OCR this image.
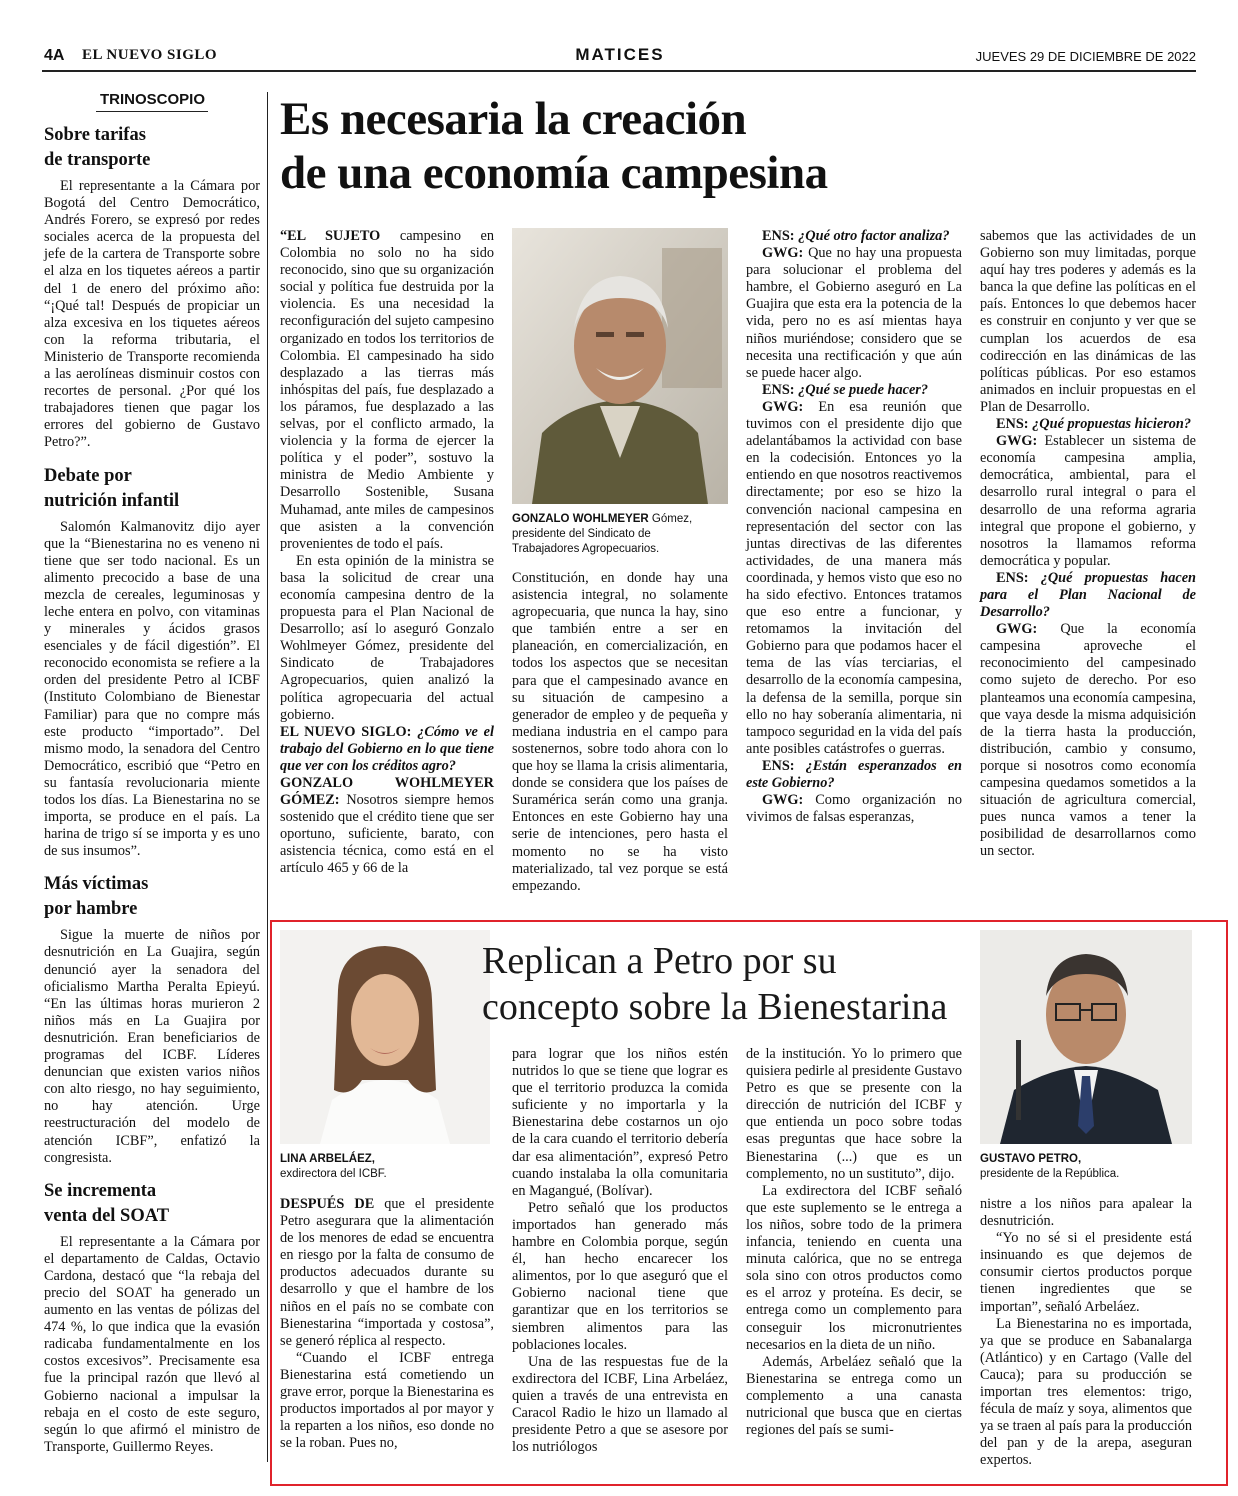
4A EL NUEVO SIGLO	MATICES	JUEVES 29 DE DICIEMBRE DE 2022
TRINOSCOPIO
Sobre tarifas
de transporte

El representante a la Cámara por Bogotá del Centro Democrático, Andrés Forero, se expresó por redes sociales acerca de la propuesta del jefe de la cartera de Transporte sobre el alza en los tiquetes aéreos a partir del 1 de enero del próximo año: “¡Qué tal! Después de propiciar un alza excesiva en los tiquetes aéreos con la reforma tributaria, el Ministerio de Transporte recomienda a las aerolíneas disminuir costos con recortes de personal. ¿Por qué los trabajadores tienen que pagar los errores del gobierno de Gustavo Petro?”.

Debate por
nutrición infantil

Salomón Kalmanovitz dijo ayer que la “Bienestarina no es veneno ni tiene que ser todo nacional. Es un alimento precocido a base de una mezcla de cereales, leguminosas y leche entera en polvo, con vitaminas y minerales y ácidos grasos esenciales y de fácil digestión”. El reconocido economista se refiere a la orden del presidente Petro al ICBF (Instituto Colombiano de Bienestar Familiar) para que no compre más este producto “importado”. Del mismo modo, la senadora del Centro Democrático, escribió que “Petro en su fantasía revolucionaria miente todos los días. La Bienestarina no se importa, se produce en el país. La harina de trigo sí se importa y es uno de sus insumos”.

Más víctimas
por hambre

Sigue la muerte de niños por desnutrición en La Guajira, según denunció ayer la senadora del oficialismo Martha Peralta Epieyú. “En las últimas horas murieron 2 niños más en La Guajira por desnutrición. Eran beneficiarios de programas del ICBF. Líderes denuncian que existen varios niños con alto riesgo, no hay seguimiento, no hay atención. Urge reestructuración del modelo de atención ICBF”, enfatizó la congresista.

Se incrementa
venta del SOAT

El representante a la Cámara por el departamento de Caldas, Octavio Cardona, destacó que “la rebaja del precio del SOAT ha generado un aumento en las ventas de pólizas del 474 %, lo que indica que la evasión radicaba fundamentalmente en los costos excesivos”. Precisamente esa fue la principal razón que llevó al Gobierno nacional a impulsar la rebaja en el costo de este seguro, según lo que afirmó el ministro de Transporte, Guillermo Reyes.

Es necesaria la creación
de una economía campesina

“EL SUJETO campesino en Colombia no solo no ha sido reconocido, sino que su organización social y política fue destruida por la violencia. Es una necesidad la reconfiguración del sujeto campesino organizado en todos los territorios de Colombia. El campesinado ha sido desplazado a las tierras más inhóspitas del país, fue desplazado a los páramos, fue desplazado a las selvas, por el conflicto armado, la violencia y la forma de ejercer la política y el poder”, sostuvo la ministra de Medio Ambiente y Desarrollo Sostenible, Susana Muhamad, ante miles de campesinos que asisten a la convención provenientes de todo el país.

En esta opinión de la ministra se basa la solicitud de crear una economía campesina dentro de la propuesta para el Plan Nacional de Desarrollo; así lo aseguró Gonzalo Wohlmeyer Gómez, presidente del Sindicato de Trabajadores Agropecuarios, quien analizó la política agropecuaria del actual gobierno.

EL NUEVO SIGLO: ¿Cómo ve el trabajo del Gobierno en lo que tiene que ver con los créditos agro?

GONZALO WOHLMEYER GÓMEZ: Nosotros siempre hemos sostenido que el crédito tiene que ser oportuno, suficiente, barato, con asistencia técnica, como está en el artículo 465 y 66 de la

GONZALO WOHLMEYER Gómez,
presidente del Sindicato de
Trabajadores Agropecuarios.

Constitución, en donde hay una asistencia integral, no solamente agropecuaria, que nunca la hay, sino que también entre a ser en planeación, en comercialización, en todos los aspectos que se necesitan para que el campesinado avance en su situación de campesino a generador de empleo y de pequeña y mediana industria en el campo para sostenernos, sobre todo ahora con lo que hoy se llama la crisis alimentaria, donde se considera que los países de Suramérica serán como una granja. Entonces en este Gobierno hay una serie de intenciones, pero hasta el momento no se ha visto materializado, tal vez porque se está empezando.

ENS: ¿Qué otro factor analiza?

GWG: Que no hay una propuesta para solucionar el problema del hambre, el Gobierno aseguró en La Guajira que esta era la potencia de la vida, pero no es así mientas haya niños muriéndose; considero que se necesita una rectificación y que aún se puede hacer algo.

ENS: ¿Qué se puede hacer?

GWG: En esa reunión que tuvimos con el presidente dijo que adelantábamos la actividad con base en la codecisión. Entonces yo la entiendo en que nosotros reactivemos directamente; por eso se hizo la convención nacional campesina en representación del sector con las juntas directivas de las diferentes actividades, de una manera más coordinada, y hemos visto que eso no ha sido efectivo. Entonces tratamos que eso entre a funcionar, y retomamos la invitación del Gobierno para que podamos hacer el tema de las vías terciarias, el desarrollo de la economía campesina, la defensa de la semilla, porque sin ello no hay soberanía alimentaria, ni tampoco seguridad en la vida del país ante posibles catástrofes o guerras.

ENS: ¿Están esperanzados en este Gobierno?

GWG: Como organización no vivimos de falsas esperanzas,

sabemos que las actividades de un Gobierno son muy limitadas, porque aquí hay tres poderes y además es la banca la que define las políticas en el país. Entonces lo que debemos hacer es construir en conjunto y ver que se cumplan los acuerdos de esa codirección en las dinámicas de las políticas públicas. Por eso estamos animados en incluir propuestas en el Plan de Desarrollo.

ENS: ¿Qué propuestas hicieron?

GWG: Establecer un sistema de economía campesina amplia, democrática, ambiental, para el desarrollo rural integral o para el desarrollo de una reforma agraria integral que propone el gobierno, y nosotros la llamamos reforma democrática y popular.

ENS: ¿Qué propuestas hacen para el Plan Nacional de Desarrollo?

GWG: Que la economía campesina aproveche el reconocimiento del campesinado como sujeto de derecho. Por eso planteamos una economía campesina, que vaya desde la misma adquisición de la tierra hasta la producción, distribución, cambio y consumo, porque si nosotros como economía campesina quedamos sometidos a la situación de agricultura comercial, pues nunca vamos a tener la posibilidad de desarrollarnos como un sector.

LINA ARBELÁEZ,
exdirectora del ICBF.
Replican a Petro por su
concepto sobre la Bienestarina
GUSTAVO PETRO,
presidente de la República.

DESPUÉS DE que el presidente Petro asegurara que la alimentación de los menores de edad se encuentra en riesgo por la falta de consumo de productos adecuados durante su desarrollo y que el hambre de los niños en el país no se combate con Bienestarina “importada y costosa”, se generó réplica al respecto.

“Cuando el ICBF entrega Bienestarina está cometiendo un grave error, porque la Bienestarina es productos importados al por mayor y la reparten a los niños, eso donde no se la roban. Pues no,

para lograr que los niños estén nutridos lo que se tiene que lograr es que el territorio produzca la comida suficiente y no importarla y la Bienestarina debe costarnos un ojo de la cara cuando el territorio debería dar esa alimentación”, expresó Petro cuando instalaba la olla comunitaria en Magangué, (Bolívar).

Petro señaló que los productos importados han generado más hambre en Colombia porque, según él, han hecho encarecer los alimentos, por lo que aseguró que el Gobierno nacional tiene que garantizar que en los territorios se siembren alimentos para las poblaciones locales.

Una de las respuestas fue de la exdirectora del ICBF, Lina Arbeláez, quien a través de una entrevista en Caracol Radio le hizo un llamado al presidente Petro a que se asesore por los nutriólogos

de la institución. Yo lo primero que quisiera pedirle al presidente Gustavo Petro es que se presente con la dirección de nutrición del ICBF y que entienda un poco sobre todas esas preguntas que hace sobre la Bienestarina (...) que es un complemento, no un sustituto”, dijo.

La exdirectora del ICBF señaló que este suplemento se le entrega a los niños, sobre todo de la primera infancia, teniendo en cuenta una minuta calórica, que no se entrega sola sino con otros productos como es el arroz y proteína. Es decir, se entrega como un complemento para conseguir los micronutrientes necesarios en la dieta de un niño.

Además, Arbeláez señaló que la Bienestarina se entrega como un complemento a una canasta nutricional que busca que en ciertas regiones del país se sumi-

nistre a los niños para apalear la desnutrición.

“Yo no sé si el presidente está insinuando es que dejemos de consumir ciertos productos porque tienen ingredientes que se importan”, señaló Arbeláez.

La Bienestarina no es importada, ya que se produce en Sabanalarga (Atlántico) y en Cartago (Valle del Cauca); para su producción se importan tres elementos: trigo, fécula de maíz y soya, alimentos que ya se traen al país para la producción del pan y de la arepa, aseguran expertos.
